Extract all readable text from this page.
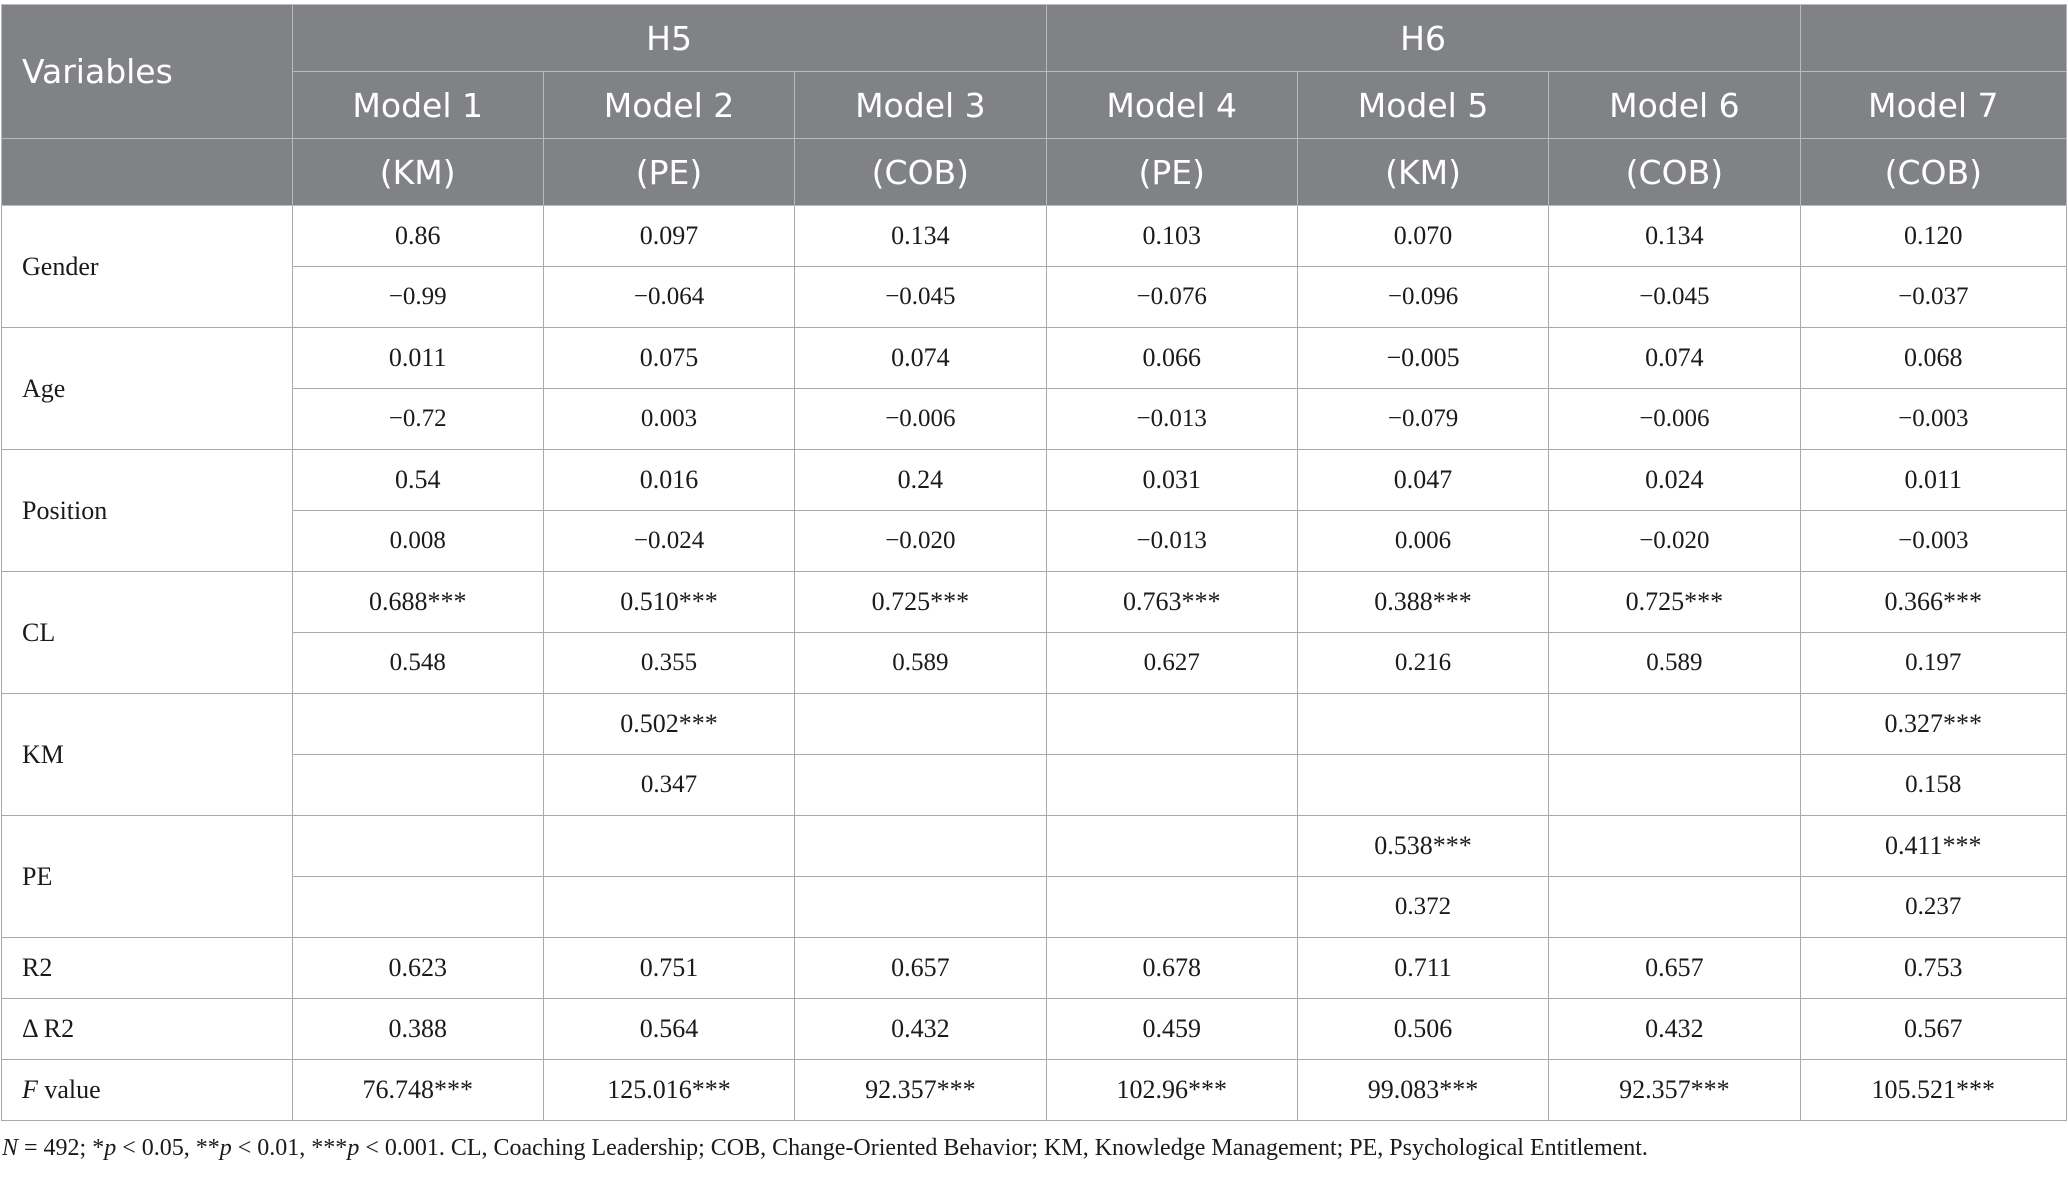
Variables	H5			H6			
	Model 1	Model 2	Model 3	Model 4	Model 5	Model 6	Model 7
	(KM)	(PE)	(COB)	(PE)	(KM)	(COB)	(COB)
Gender	0.86	0.097	0.134	0.103	0.070	0.134	0.120
	−0.99	−0.064	−0.045	−0.076	−0.096	−0.045	−0.037
Age	0.011	0.075	0.074	0.066	−0.005	0.074	0.068
	−0.72	0.003	−0.006	−0.013	−0.079	−0.006	−0.003
Position	0.54	0.016	0.24	0.031	0.047	0.024	0.011
	0.008	−0.024	−0.020	−0.013	0.006	−0.020	−0.003
CL	0.688***	0.510***	0.725***	0.763***	0.388***	0.725***	0.366***
	0.548	0.355	0.589	0.627	0.216	0.589	0.197
KM		0.502***					0.327***
		0.347					0.158
PE					0.538***		0.411***
					0.372		0.237
R2	0.623	0.751	0.657	0.678	0.711	0.657	0.753
Δ R2	0.388	0.564	0.432	0.459	0.506	0.432	0.567
F value	76.748***	125.016***	92.357***	102.96***	99.083***	92.357***	105.521***
N = 492; *p < 0.05, **p < 0.01, ***p < 0.001. CL, Coaching Leadership; COB, Change-Oriented Behavior; KM, Knowledge Management; PE, Psychological Entitlement.
